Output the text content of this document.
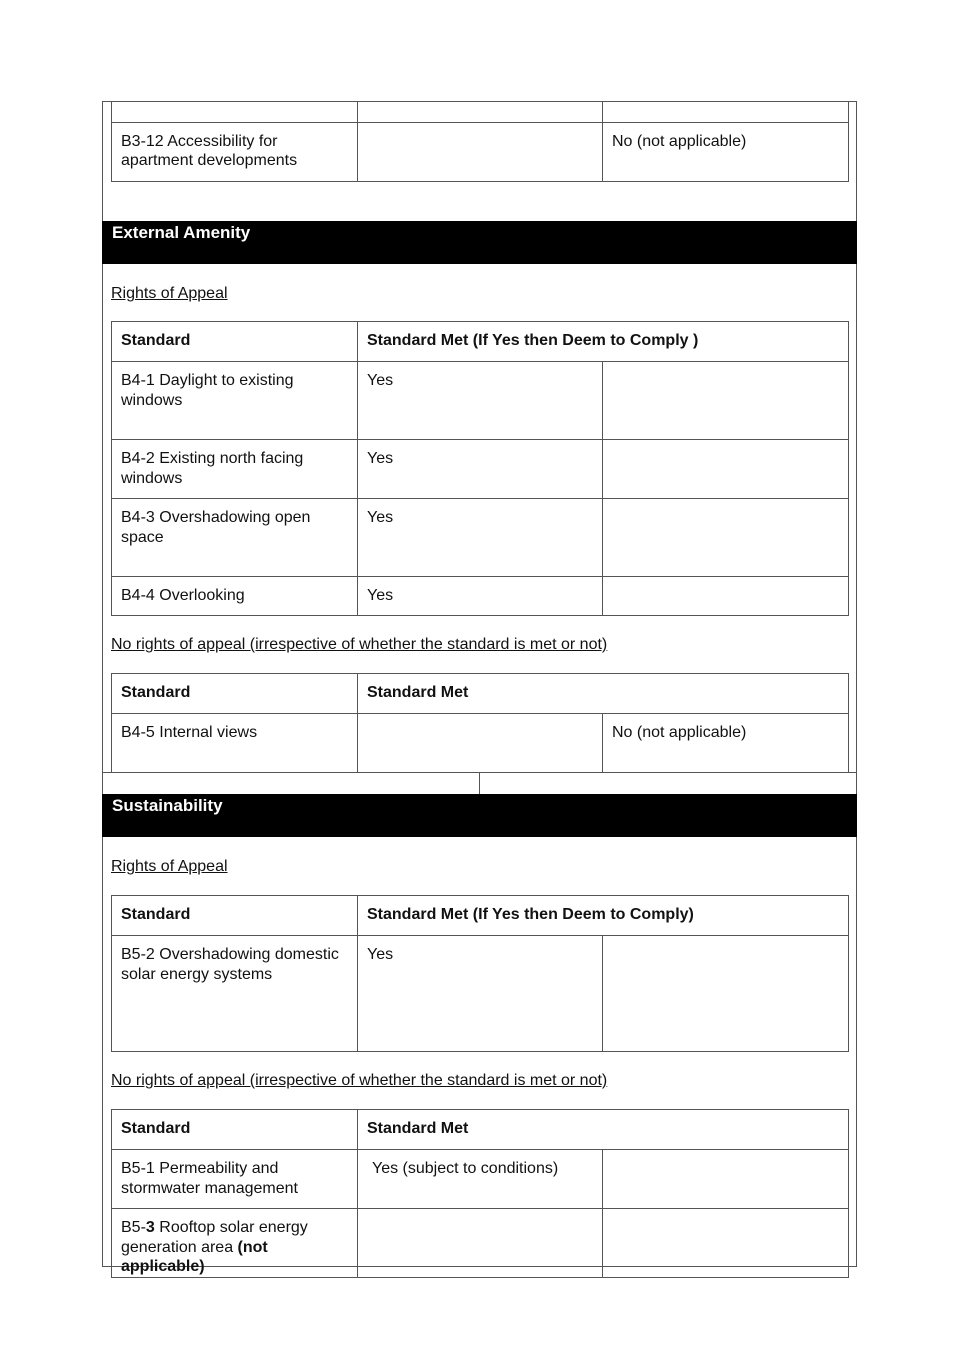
B3-12 Accessibility for apartment developments		No (not applicable)
External Amenity
Rights of Appeal
Standard	Standard Met (If Yes then Deem to Comply )	
B4-1 Daylight to existing windows	Yes	
B4-2 Existing north facing windows	Yes	
B4-3 Overshadowing open space	Yes	
B4-4 Overlooking	Yes	
No rights of appeal (irrespective of whether the standard is met or not)
Standard	Standard Met	
B4-5 Internal views		No (not applicable)
Sustainability
Rights of Appeal
Standard	Standard Met (If Yes then Deem to Comply)	
B5-2 Overshadowing domestic solar energy systems	Yes	
No rights of appeal (irrespective of whether the standard is met or not)
Standard	Standard Met	
B5-1 Permeability and stormwater management	Yes (subject to conditions)	
B5-3 Rooftop solar energy generation area (not applicable)		
